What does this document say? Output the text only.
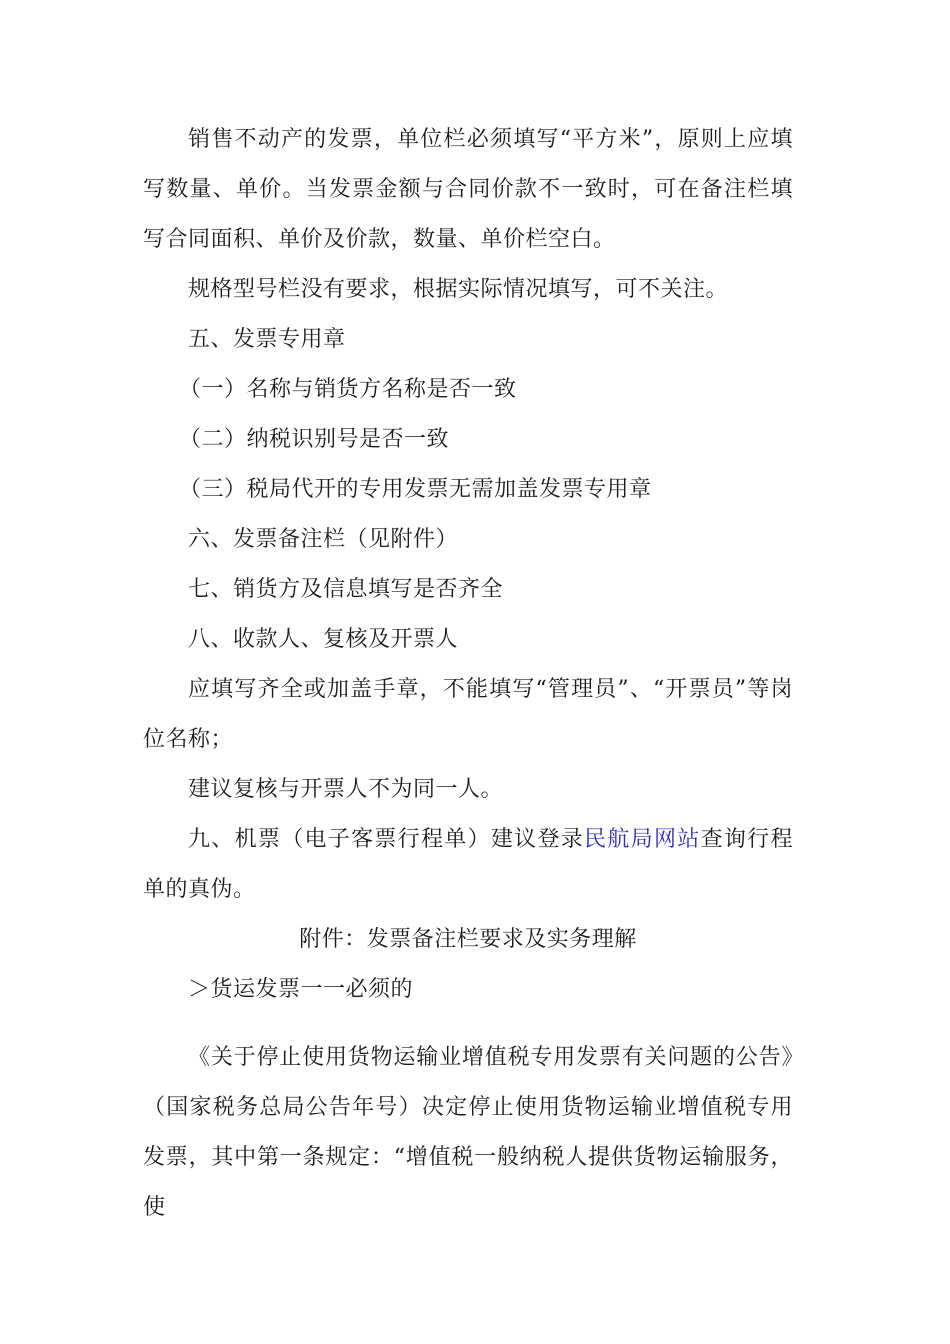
销售不动产的发票，单位栏必须填写“平方米”，原则上应填写数量、单价。当发票金额与合同价款不一致时，可在备注栏填写合同面积、单价及价款，数量、单价栏空白。

规格型号栏没有要求，根据实际情况填写，可不关注。

五、发票专用章

（一）名称与销货方名称是否一致

（二）纳税识别号是否一致

（三）税局代开的专用发票无需加盖发票专用章

六、发票备注栏（见附件）

七、销货方及信息填写是否齐全

八、收款人、复核及开票人

应填写齐全或加盖手章，不能填写“管理员”、“开票员”等岗位名称；

建议复核与开票人不为同一人。

九、机票（电子客票行程单）建议登录民航局网站查询行程单的真伪。

附件：发票备注栏要求及实务理解

＞货运发票一一必须的

《关于停止使用货物运输业增值税专用发票有关问题的公告》（国家税务总局公告年号）决定停止使用货物运输业增值税专用发票，其中第一条规定：“增值税一般纳税人提供货物运输服务，使
